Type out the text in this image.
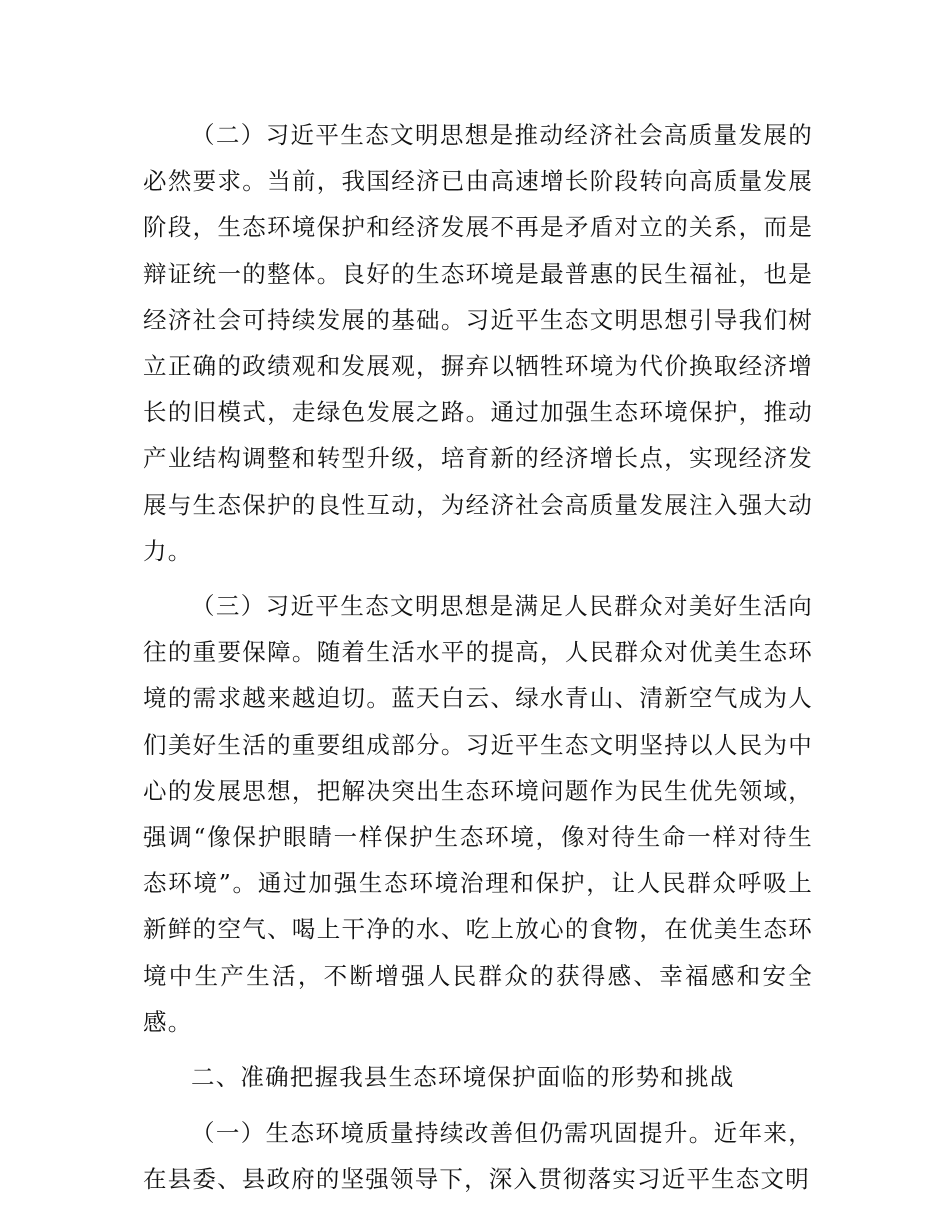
（二）习近平生态文明思想是推动经济社会高质量发展的必然要求。当前，我国经济已由高速增长阶段转向高质量发展阶段，生态环境保护和经济发展不再是矛盾对立的关系，而是辩证统一的整体。良好的生态环境是最普惠的民生福祉，也是经济社会可持续发展的基础。习近平生态文明思想引导我们树立正确的政绩观和发展观，摒弃以牺牲环境为代价换取经济增长的旧模式，走绿色发展之路。通过加强生态环境保护，推动产业结构调整和转型升级，培育新的经济增长点，实现经济发展与生态保护的良性互动，为经济社会高质量发展注入强大动力。

（三）习近平生态文明思想是满足人民群众对美好生活向往的重要保障。随着生活水平的提高，人民群众对优美生态环境的需求越来越迫切。蓝天白云、绿水青山、清新空气成为人们美好生活的重要组成部分。习近平生态文明坚持以人民为中心的发展思想，把解决突出生态环境问题作为民生优先领域，强调“像保护眼睛一样保护生态环境，像对待生命一样对待生态环境”。通过加强生态环境治理和保护，让人民群众呼吸上新鲜的空气、喝上干净的水、吃上放心的食物，在优美生态环境中生产生活，不断增强人民群众的获得感、幸福感和安全感。

二、准确把握我县生态环境保护面临的形势和挑战

（一）生态环境质量持续改善但仍需巩固提升。近年来，在县委、县政府的坚强领导下，深入贯彻落实习近平生态文明
